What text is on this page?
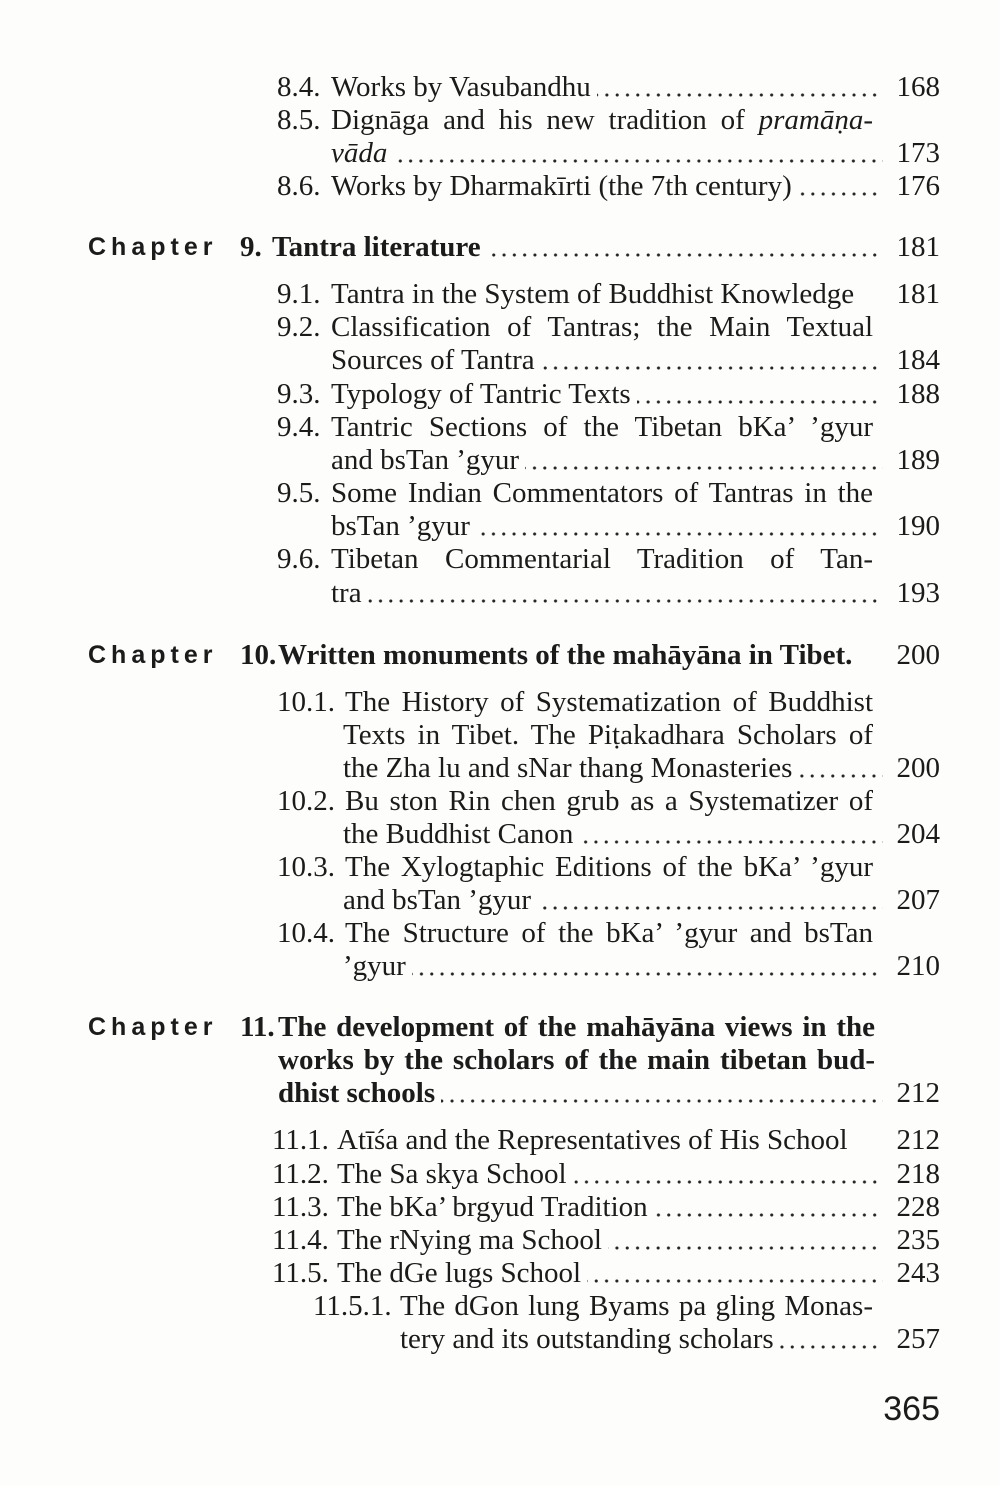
8.4. Works by Vasubandhu	168
8.5. Dignāga and his new tradition of pramāṇa-
vāda	173
8.6. Works by Dharmakīrti (the 7th century)	176
Chapter 9. Tantra literature	181
9.1. Tantra in the System of Buddhist Knowledge 181
9.2. Classification of Tantras; the Main Textual
Sources of Tantra	184
9.3. Typology of Tantric Texts	188
9.4. Tantric Sections of the Tibetan bKa’ ’gyur
and bsTan ’gyur	189
9.5. Some Indian Commentators of Tantras in the
bsTan ’gyur	190
9.6. Tibetan Commentarial Tradition of Tan-
tra	193
Chapter 10. Written monuments of the mahāyāna in Tibet. 200
10.1. The History of Systematization of Buddhist
Texts in Tibet. The Piṭakadhara Scholars of
the Zha lu and sNar thang Monasteries	200
10.2. Bu ston Rin chen grub as a Systematizer of
the Buddhist Canon	204
10.3. The Xylogtaphic Editions of the bKa’ ’gyur
and bsTan ’gyur	207
10.4. The Structure of the bKa’ ’gyur and bsTan
’gyur	210
Chapter 11. The development of the mahāyāna views in the
works by the scholars of the main tibetan bud-
dhist schools	212
11.1. Atīśa and the Representatives of His School 212
11.2. The Sa skya School	218
11.3. The bKa’ brgyud Tradition	228
11.4. The rNying ma School	235
11.5. The dGe lugs School	243
11.5.1. The dGon lung Byams pa gling Monas-
tery and its outstanding scholars	257
365
